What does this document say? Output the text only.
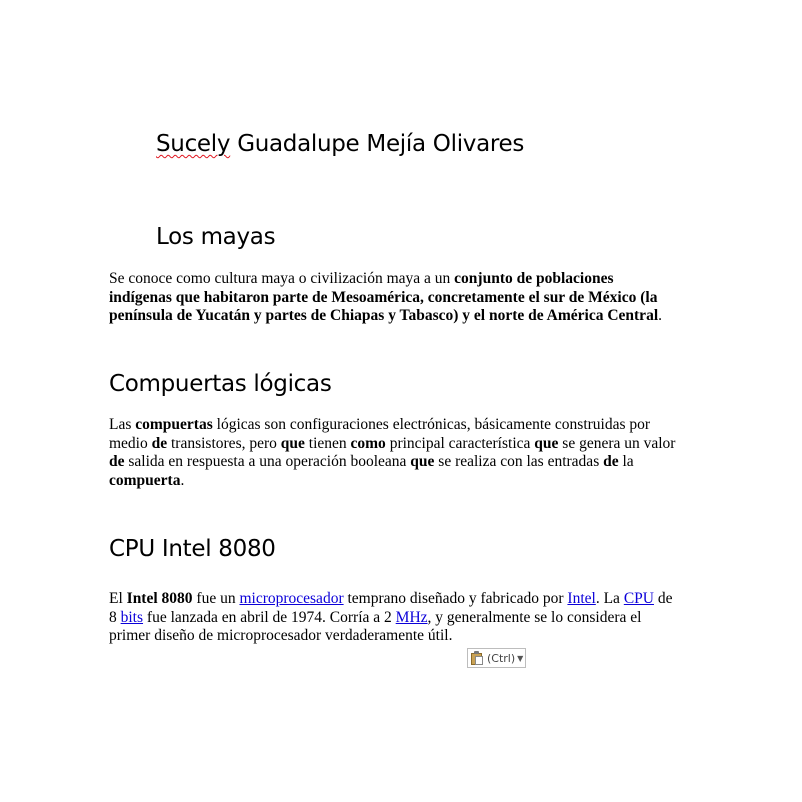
Sucely Guadalupe Mejía Olivares
Los mayas
Se conoce como cultura maya o civilización maya a un conjunto de poblaciones
indígenas que habitaron parte de Mesoamérica, concretamente el sur de México (la
península de Yucatán y partes de Chiapas y Tabasco) y el norte de América Central.
Compuertas lógicas
Las compuertas lógicas son configuraciones electrónicas, básicamente construidas por
medio de transistores, pero que tienen como principal característica que se genera un valor
de salida en respuesta a una operación booleana que se realiza con las entradas de la
compuerta.
CPU Intel 8080
El Intel 8080 fue un microprocesador temprano diseñado y fabricado por Intel. La CPU de
8 bits fue lanzada en abril de 1974. Corría a 2 MHz, y generalmente se lo considera el
primer diseño de microprocesador verdaderamente útil.
(Ctrl) ▼
